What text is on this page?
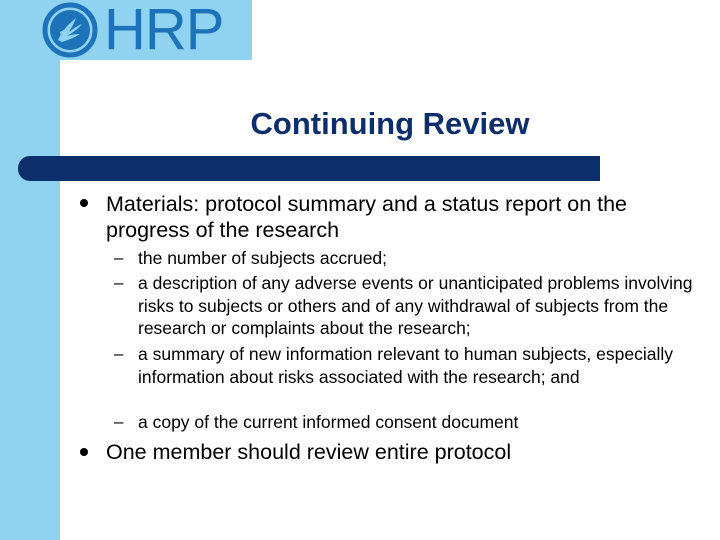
HRP
Continuing Review
Materials: protocol summary and a status report on the progress of the research
– the number of subjects accrued;
– a description of any adverse events or unanticipated problems involving risks to subjects or others and of any withdrawal of subjects from the research or complaints about the research;
– a summary of new information relevant to human subjects, especially information about risks associated with the research; and
– a copy of the current informed consent document
One member should review entire protocol
